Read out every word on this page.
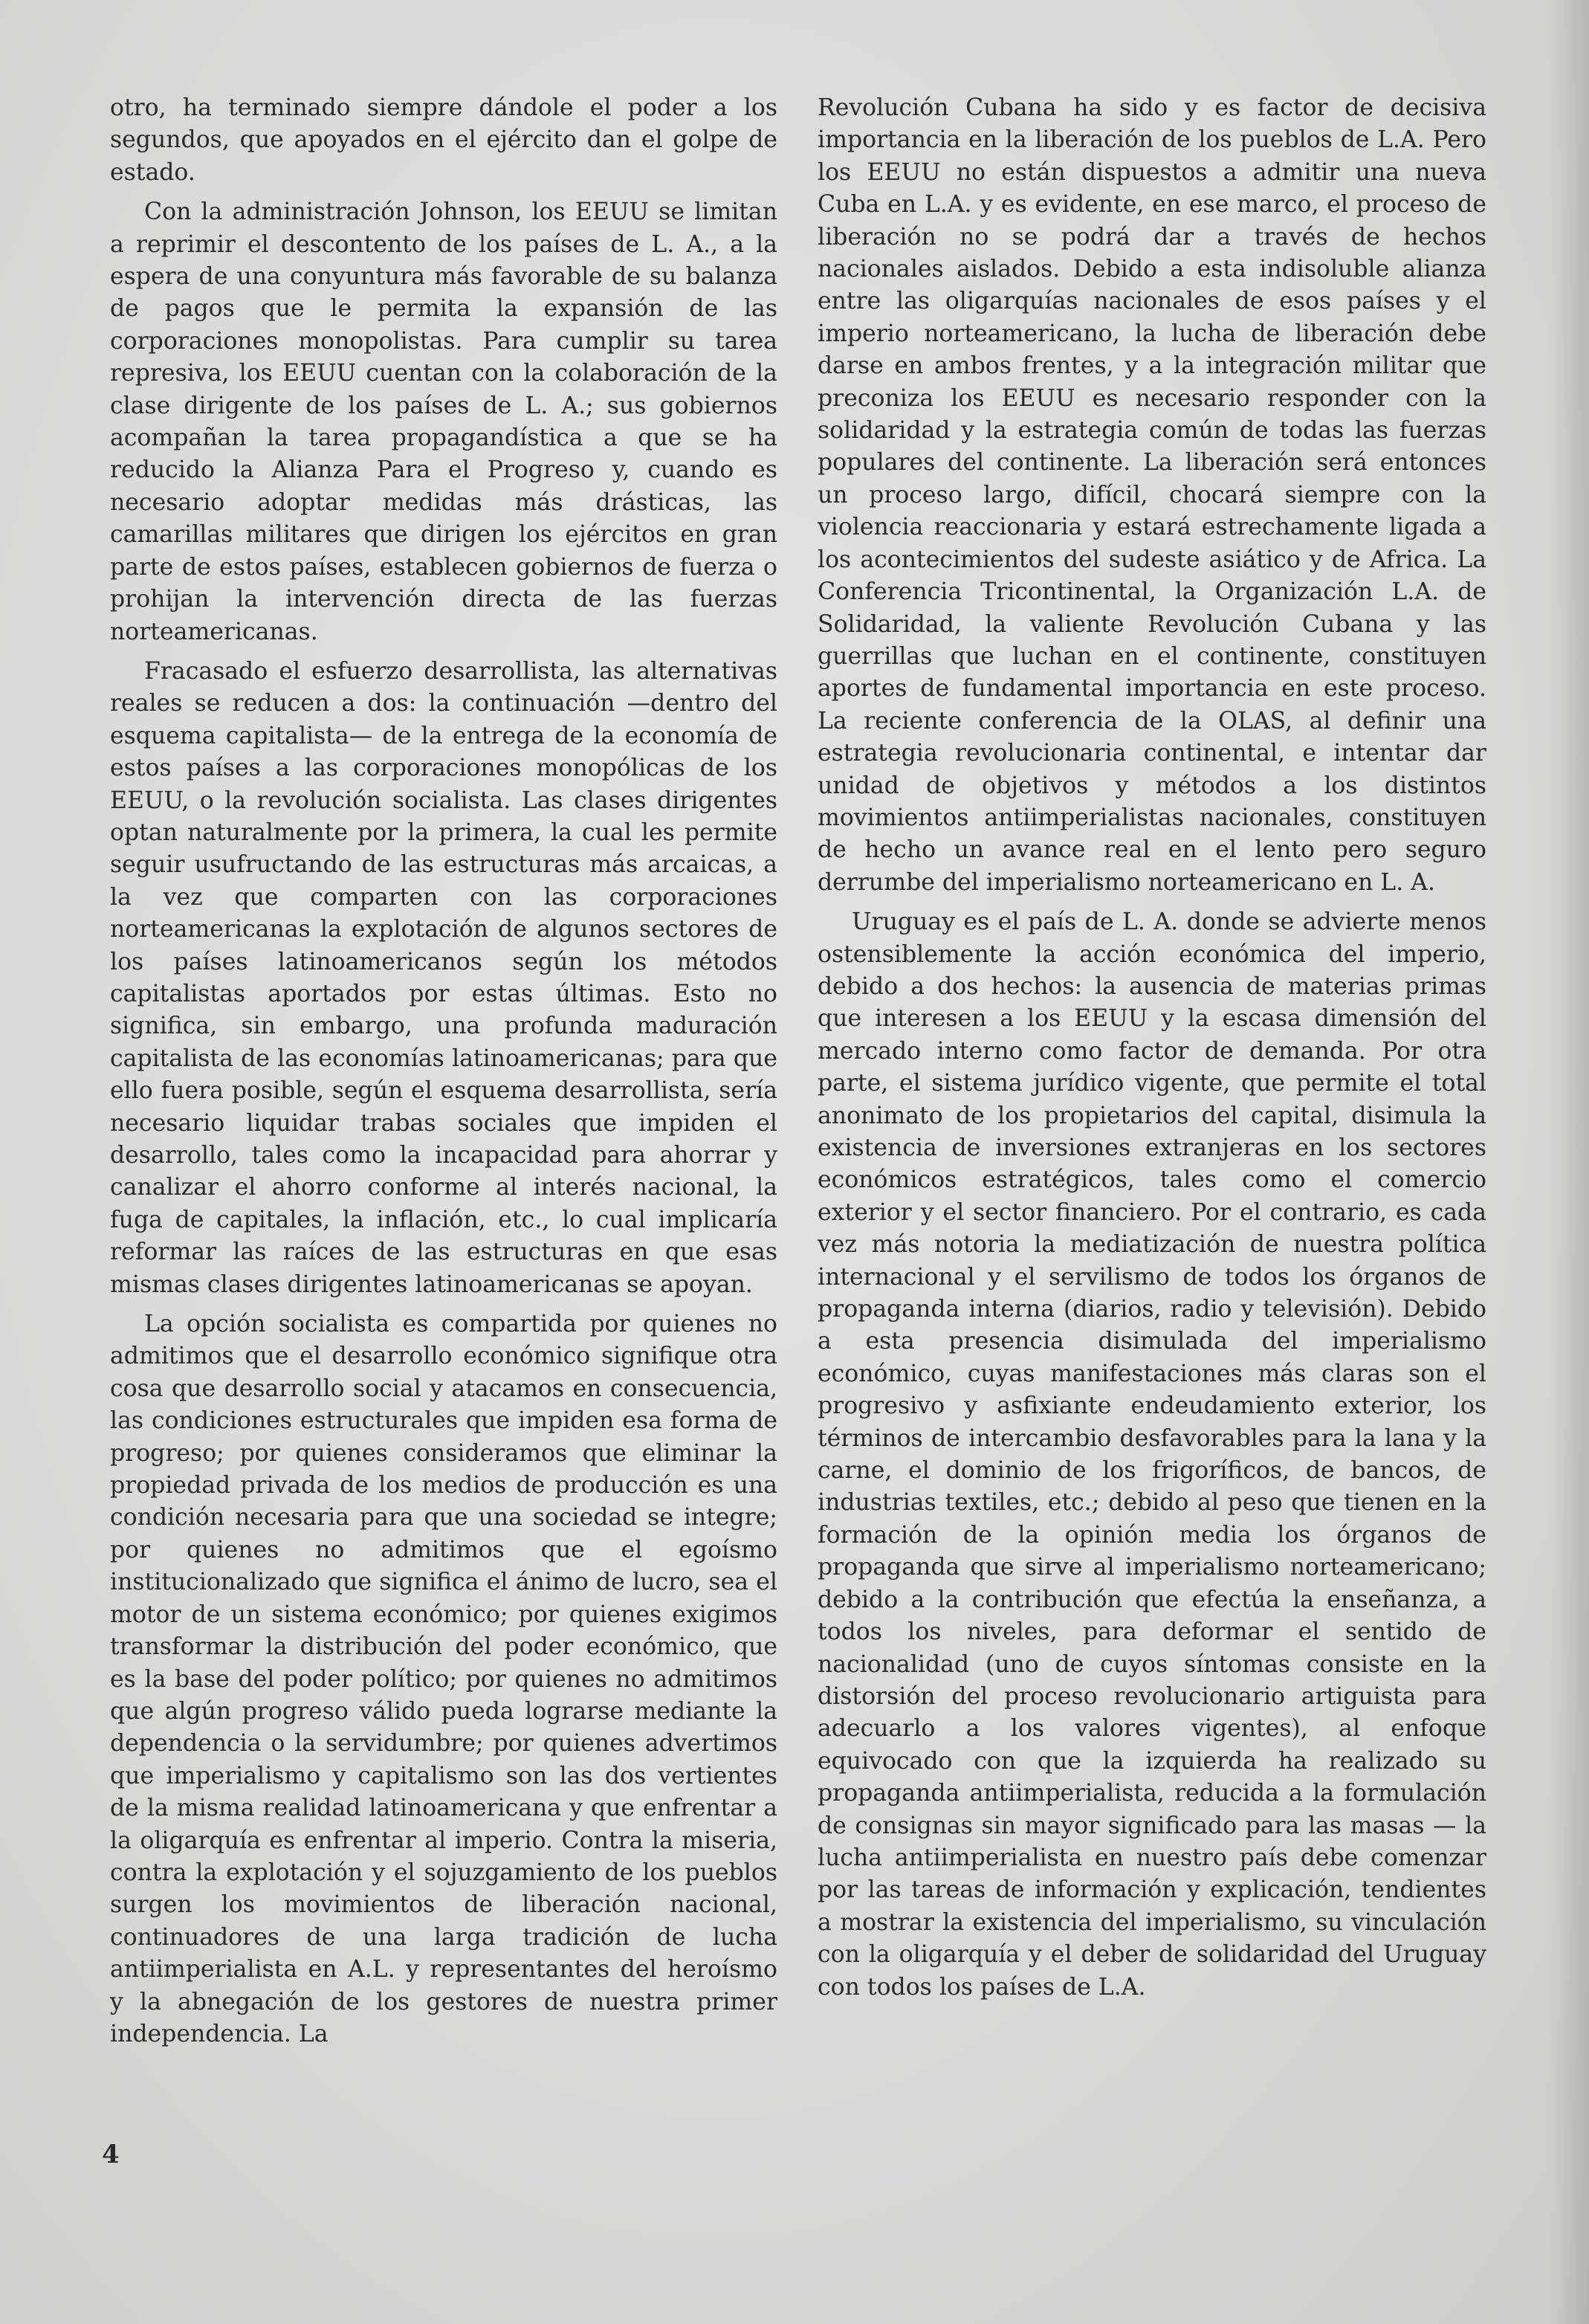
otro, ha terminado siempre dándole el poder a los segundos, que apoyados en el ejército dan el golpe de estado.

Con la administración Johnson, los EEUU se limitan a reprimir el descontento de los países de L. A., a la espera de una conyuntura más favorable de su balanza de pagos que le permita la expansión de las corporaciones monopolistas. Para cumplir su tarea represiva, los EEUU cuentan con la colaboración de la clase dirigente de los países de L. A.; sus gobiernos acompañan la tarea propagandística a que se ha reducido la Alianza Para el Progreso y, cuando es necesario adoptar medidas más drásticas, las camarillas militares que dirigen los ejércitos en gran parte de estos países, establecen gobiernos de fuerza o prohijan la intervención directa de las fuerzas norteamericanas.

Fracasado el esfuerzo desarrollista, las alternativas reales se reducen a dos: la continuación —dentro del esquema capitalista— de la entrega de la economía de estos países a las corporaciones monopólicas de los EEUU, o la revolución socialista. Las clases dirigentes optan naturalmente por la primera, la cual les permite seguir usufructando de las estructuras más arcaicas, a la vez que comparten con las corporaciones norteamericanas la explotación de algunos sectores de los países latinoamericanos según los métodos capitalistas aportados por estas últimas. Esto no significa, sin embargo, una profunda maduración capitalista de las economías latinoamericanas; para que ello fuera posible, según el esquema desarrollista, sería necesario liquidar trabas sociales que impiden el desarrollo, tales como la incapacidad para ahorrar y canalizar el ahorro conforme al interés nacional, la fuga de capitales, la inflación, etc., lo cual implicaría reformar las raíces de las estructuras en que esas mismas clases dirigentes latinoamericanas se apoyan.

La opción socialista es compartida por quienes no admitimos que el desarrollo económico signifique otra cosa que desarrollo social y atacamos en consecuencia, las condiciones estructurales que impiden esa forma de progreso; por quienes consideramos que eliminar la propiedad privada de los medios de producción es una condición necesaria para que una sociedad se integre; por quienes no admitimos que el egoísmo institucionalizado que significa el ánimo de lucro, sea el motor de un sistema económico; por quienes exigimos transformar la distribución del poder económico, que es la base del poder político; por quienes no admitimos que algún progreso válido pueda lograrse mediante la dependencia o la servidumbre; por quienes advertimos que imperialismo y capitalismo son las dos vertientes de la misma realidad latinoamericana y que enfrentar a la oligarquía es enfrentar al imperio. Contra la miseria, contra la explotación y el sojuzgamiento de los pueblos surgen los movimientos de liberación nacional, continuadores de una larga tradición de lucha antiimperialista en A.L. y representantes del heroísmo y la abnegación de los gestores de nuestra primer independencia. La

Revolución Cubana ha sido y es factor de decisiva importancia en la liberación de los pueblos de L.A. Pero los EEUU no están dispuestos a admitir una nueva Cuba en L.A. y es evidente, en ese marco, el proceso de liberación no se podrá dar a través de hechos nacionales aislados. Debido a esta indisoluble alianza entre las oligarquías nacionales de esos países y el imperio norteamericano, la lucha de liberación debe darse en ambos frentes, y a la integración militar que preconiza los EEUU es necesario responder con la solidaridad y la estrategia común de todas las fuerzas populares del continente. La liberación será entonces un proceso largo, difícil, chocará siempre con la violencia reaccionaria y estará estrechamente ligada a los acontecimientos del sudeste asiático y de Africa. La Conferencia Tricontinental, la Organización L.A. de Solidaridad, la valiente Revolución Cubana y las guerrillas que luchan en el continente, constituyen aportes de fundamental importancia en este proceso. La reciente conferencia de la OLAS, al definir una estrategia revolucionaria continental, e intentar dar unidad de objetivos y métodos a los distintos movimientos antiimperialistas nacionales, constituyen de hecho un avance real en el lento pero seguro derrumbe del imperialismo norteamericano en L. A.

Uruguay es el país de L. A. donde se advierte menos ostensiblemente la acción económica del imperio, debido a dos hechos: la ausencia de materias primas que interesen a los EEUU y la escasa dimensión del mercado interno como factor de demanda. Por otra parte, el sistema jurídico vigente, que permite el total anonimato de los propietarios del capital, disimula la existencia de inversiones extranjeras en los sectores económicos estratégicos, tales como el comercio exterior y el sector financiero. Por el contrario, es cada vez más notoria la mediatización de nuestra política internacional y el servilismo de todos los órganos de propaganda interna (diarios, radio y televisión). Debido a esta presencia disimulada del imperialismo económico, cuyas manifestaciones más claras son el progresivo y asfixiante endeudamiento exterior, los términos de intercambio desfavorables para la lana y la carne, el dominio de los frigoríficos, de bancos, de industrias textiles, etc.; debido al peso que tienen en la formación de la opinión media los órganos de propaganda que sirve al imperialismo norteamericano; debido a la contribución que efectúa la enseñanza, a todos los niveles, para deformar el sentido de nacionalidad (uno de cuyos síntomas consiste en la distorsión del proceso revolucionario artiguista para adecuarlo a los valores vigentes), al enfoque equivocado con que la izquierda ha realizado su propaganda antiimperialista, reducida a la formulación de consignas sin mayor significado para las masas — la lucha antiimperialista en nuestro país debe comenzar por las tareas de información y explicación, tendientes a mostrar la existencia del imperialismo, su vinculación con la oligarquía y el deber de solidaridad del Uruguay con todos los países de L.A.

4
